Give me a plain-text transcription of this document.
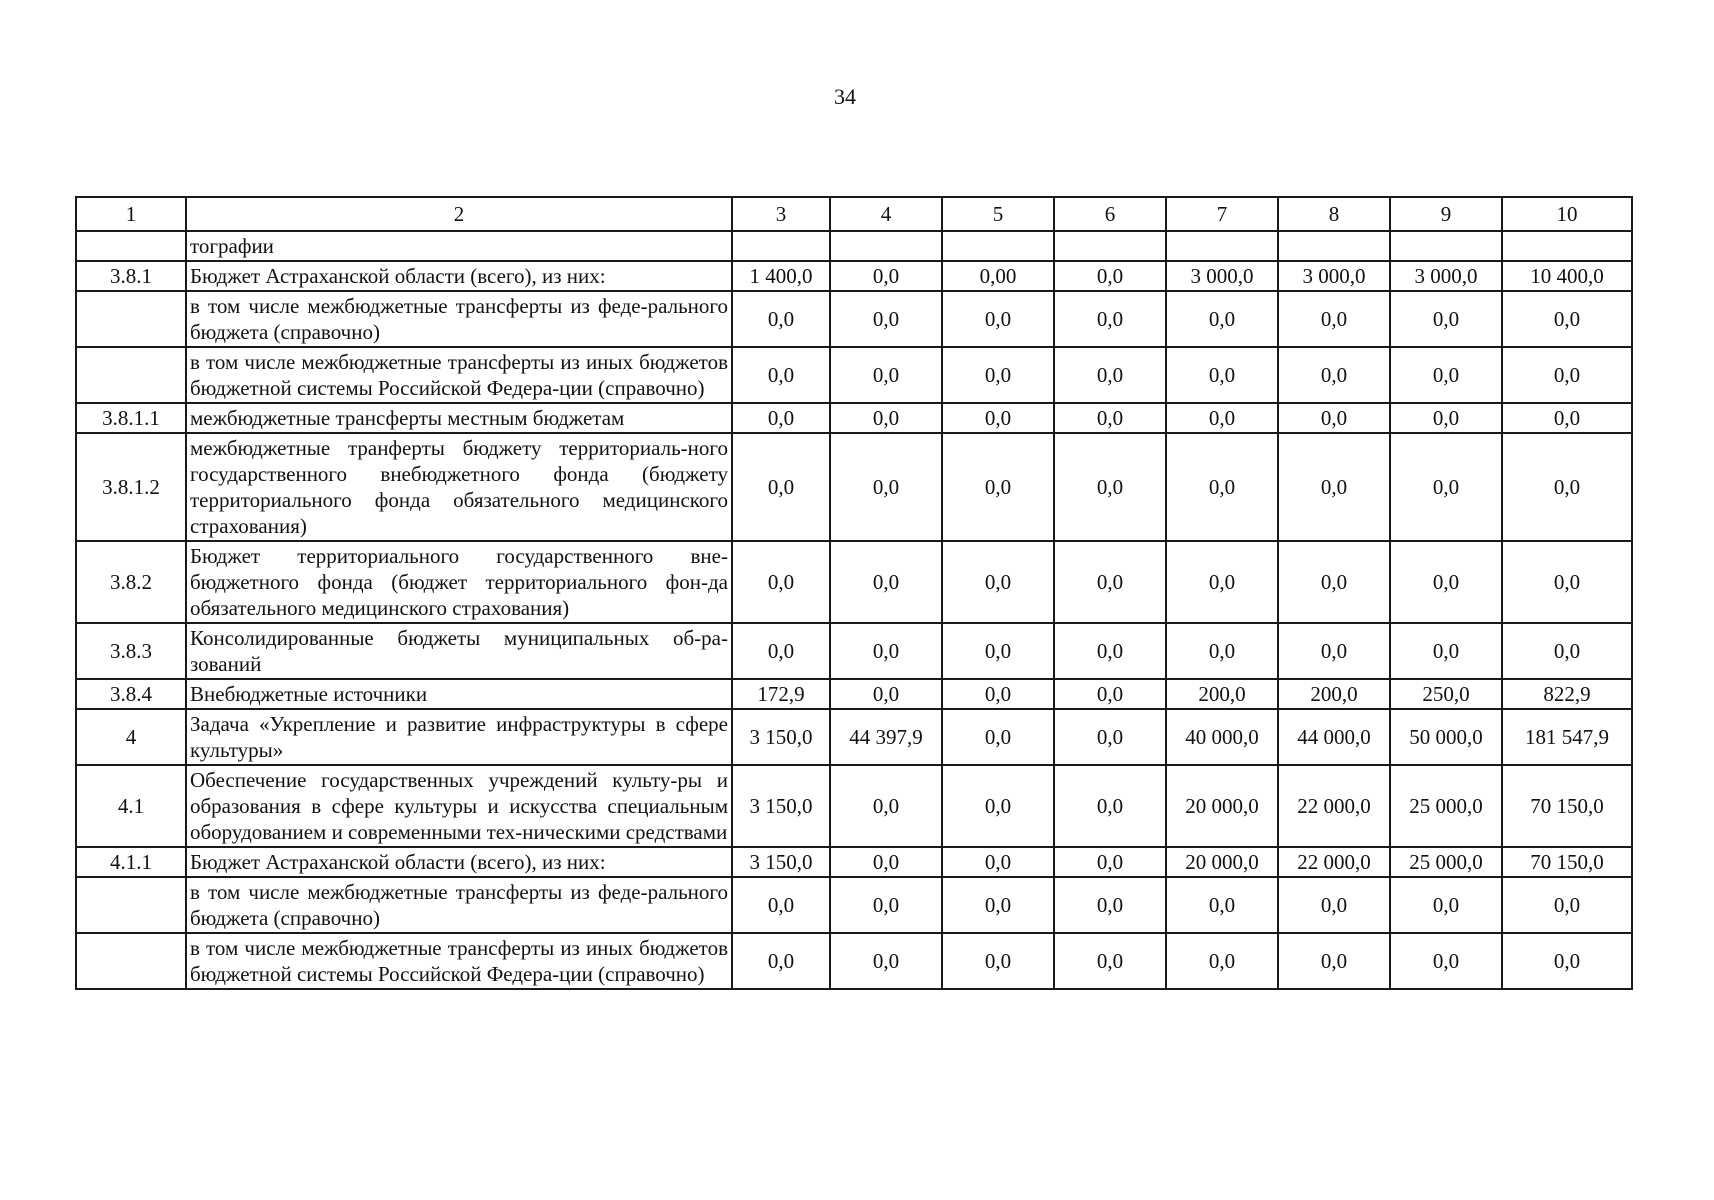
34
1	2	3	4	5	6	7	8	9	10
	тографии								
3.8.1	Бюджет Астраханской области (всего), из них:	1 400,0	0,0	0,00	0,0	3 000,0	3 000,0	3 000,0	10 400,0
	в том числе межбюджетные трансферты из феде-рального бюджета (справочно)	0,0	0,0	0,0	0,0	0,0	0,0	0,0	0,0
	в том числе межбюджетные трансферты из иных бюджетов бюджетной системы Российской Федера-ции (справочно)	0,0	0,0	0,0	0,0	0,0	0,0	0,0	0,0
3.8.1.1	межбюджетные трансферты местным бюджетам	0,0	0,0	0,0	0,0	0,0	0,0	0,0	0,0
3.8.1.2	межбюджетные транферты бюджету территориаль-ного государственного внебюджетного фонда (бюджету территориального фонда обязательного медицинского страхования)	0,0	0,0	0,0	0,0	0,0	0,0	0,0	0,0
3.8.2	Бюджет территориального государственного вне-бюджетного фонда (бюджет территориального фон-да обязательного медицинского страхования)	0,0	0,0	0,0	0,0	0,0	0,0	0,0	0,0
3.8.3	Консолидированные бюджеты муниципальных об-ра-зований	0,0	0,0	0,0	0,0	0,0	0,0	0,0	0,0
3.8.4	Внебюджетные источники	172,9	0,0	0,0	0,0	200,0	200,0	250,0	822,9
4	Задача «Укрепление и развитие инфраструктуры в сфере культуры»	3 150,0	44 397,9	0,0	0,0	40 000,0	44 000,0	50 000,0	181 547,9
4.1	Обеспечение государственных учреждений культу-ры и образования в сфере культуры и искусства специальным оборудованием и современными тех-ническими средствами	3 150,0	0,0	0,0	0,0	20 000,0	22 000,0	25 000,0	70 150,0
4.1.1	Бюджет Астраханской области (всего), из них:	3 150,0	0,0	0,0	0,0	20 000,0	22 000,0	25 000,0	70 150,0
	в том числе межбюджетные трансферты из феде-рального бюджета (справочно)	0,0	0,0	0,0	0,0	0,0	0,0	0,0	0,0
	в том числе межбюджетные трансферты из иных бюджетов бюджетной системы Российской Федера-ции (справочно)	0,0	0,0	0,0	0,0	0,0	0,0	0,0	0,0
